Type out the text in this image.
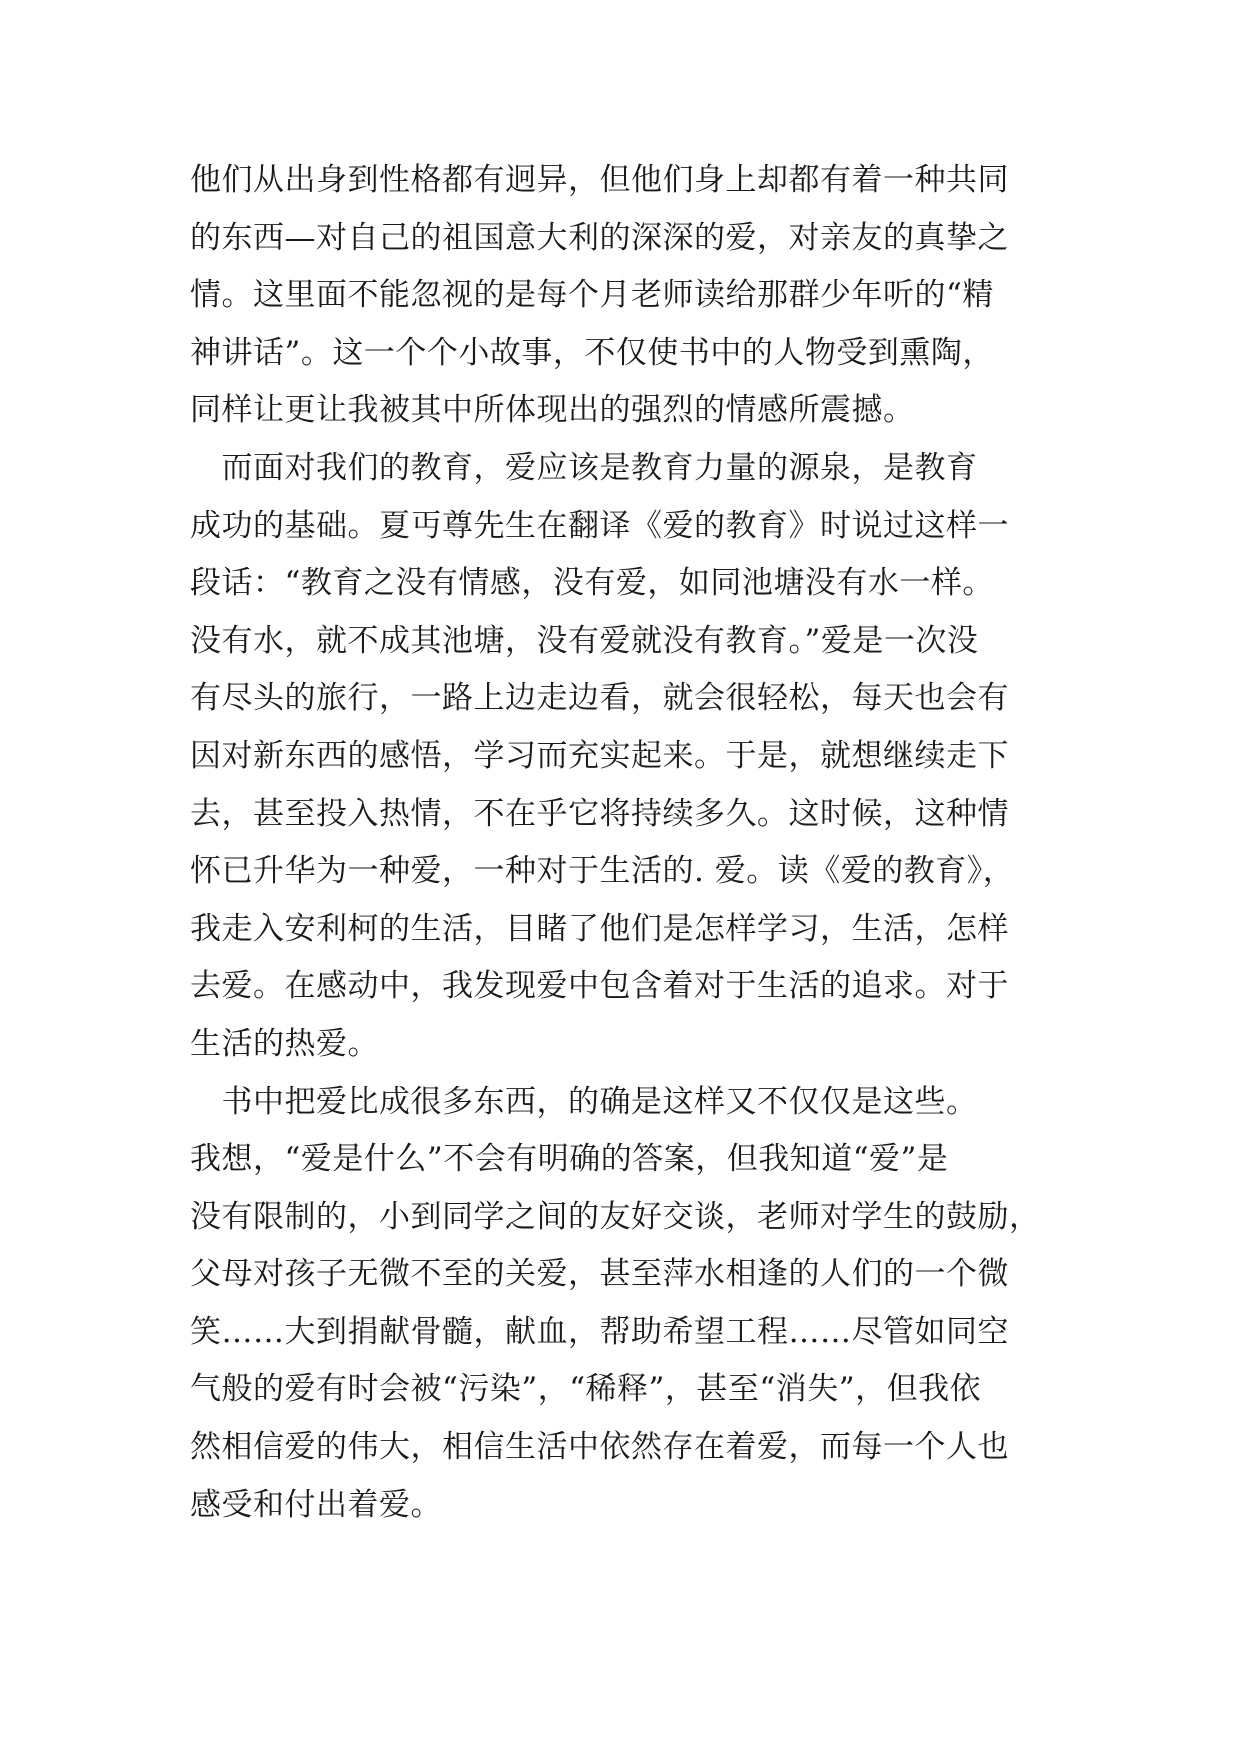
他们从出身到性格都有迥异，但他们身上却都有着一种共同
的东西—对自己的祖国意大利的深深的爱，对亲友的真挚之
情。这里面不能忽视的是每个月老师读给那群少年听的“精
神讲话”。这一个个小故事，不仅使书中的人物受到熏陶，
同样让更让我被其中所体现出的强烈的情感所震撼。
　而面对我们的教育，爱应该是教育力量的源泉，是教育
成功的基础。夏丏尊先生在翻译《爱的教育》时说过这样一
段话：“教育之没有情感，没有爱，如同池塘没有水一样。
没有水，就不成其池塘，没有爱就没有教育。”爱是一次没
有尽头的旅行，一路上边走边看，就会很轻松，每天也会有
因对新东西的感悟，学习而充实起来。于是，就想继续走下
去，甚至投入热情，不在乎它将持续多久。这时候，这种情
怀已升华为一种爱，一种对于生活的. 爱。读《爱的教育》，
我走入安利柯的生活，目睹了他们是怎样学习，生活，怎样
去爱。在感动中，我发现爱中包含着对于生活的追求。对于
生活的热爱。
　书中把爱比成很多东西，的确是这样又不仅仅是这些。
我想，“爱是什么”不会有明确的答案，但我知道“爱”是
没有限制的，小到同学之间的友好交谈，老师对学生的鼓励，
父母对孩子无微不至的关爱，甚至萍水相逢的人们的一个微
笑……大到捐献骨髓，献血，帮助希望工程……尽管如同空
气般的爱有时会被“污染”，“稀释”，甚至“消失”，但我依
然相信爱的伟大，相信生活中依然存在着爱，而每一个人也
感受和付出着爱。
